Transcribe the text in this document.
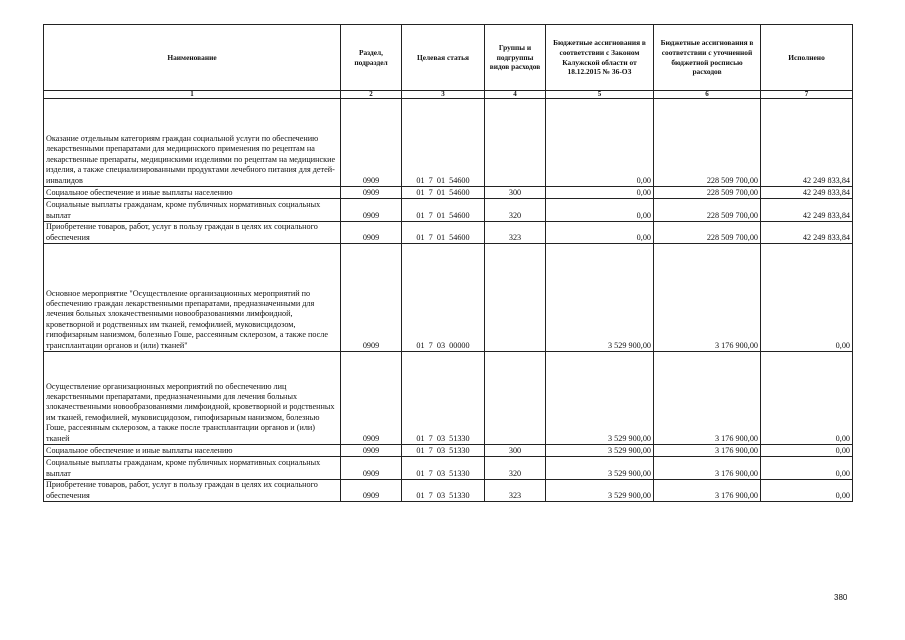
Наименование	Раздел, подраздел	Целевая статья	Группы и подгруппы видов расходов	Бюджетные ассигнования в соответствии с Законом Калужской области от 18.12.2015 № 36-ОЗ	Бюджетные ассигнования в соответствии с уточненной бюджетной росписью расходов	Исполнено
1	2	3	4	5	6	7
Оказание отдельным категориям граждан социальной услуги по обеспечению лекарственными препаратами для медицинского применения по рецептам на лекарственные препараты, медицинскими изделиями по рецептам на медицинские изделия, а также специализированными продуктами лечебного питания для детей-инвалидов	0909	01 7 01 54600		0,00	228 509 700,00	42 249 833,84
Социальное обеспечение и иные выплаты населению	0909	01 7 01 54600	300	0,00	228 509 700,00	42 249 833,84
Социальные выплаты гражданам, кроме публичных нормативных социальных выплат	0909	01 7 01 54600	320	0,00	228 509 700,00	42 249 833,84
Приобретение товаров, работ, услуг в пользу граждан в целях их социального обеспечения	0909	01 7 01 54600	323	0,00	228 509 700,00	42 249 833,84
Основное мероприятие "Осуществление организационных мероприятий по обеспечению граждан лекарственными препаратами, предназначенными для лечения больных злокачественными новообразованиями лимфоидной, кроветворной и родственных им тканей, гемофилией, муковисцидозом, гипофизарным нанизмом, болезнью Гоше, рассеянным склерозом, а также после трансплантации органов и (или) тканей"	0909	01 7 03 00000		3 529 900,00	3 176 900,00	0,00
Осуществление организационных мероприятий по обеспечению лиц лекарственными препаратами, предназначенными для лечения больных злокачественными новообразованиями лимфоидной, кроветворной и родственных им тканей, гемофилией, муковисцидозом, гипофизарным нанизмом, болезнью Гоше, рассеянным склерозом, а также после трансплантации органов и (или) тканей	0909	01 7 03 51330		3 529 900,00	3 176 900,00	0,00
Социальное обеспечение и иные выплаты населению	0909	01 7 03 51330	300	3 529 900,00	3 176 900,00	0,00
Социальные выплаты гражданам, кроме публичных нормативных социальных выплат	0909	01 7 03 51330	320	3 529 900,00	3 176 900,00	0,00
Приобретение товаров, работ, услуг в пользу граждан в целях их социального обеспечения	0909	01 7 03 51330	323	3 529 900,00	3 176 900,00	0,00
380
